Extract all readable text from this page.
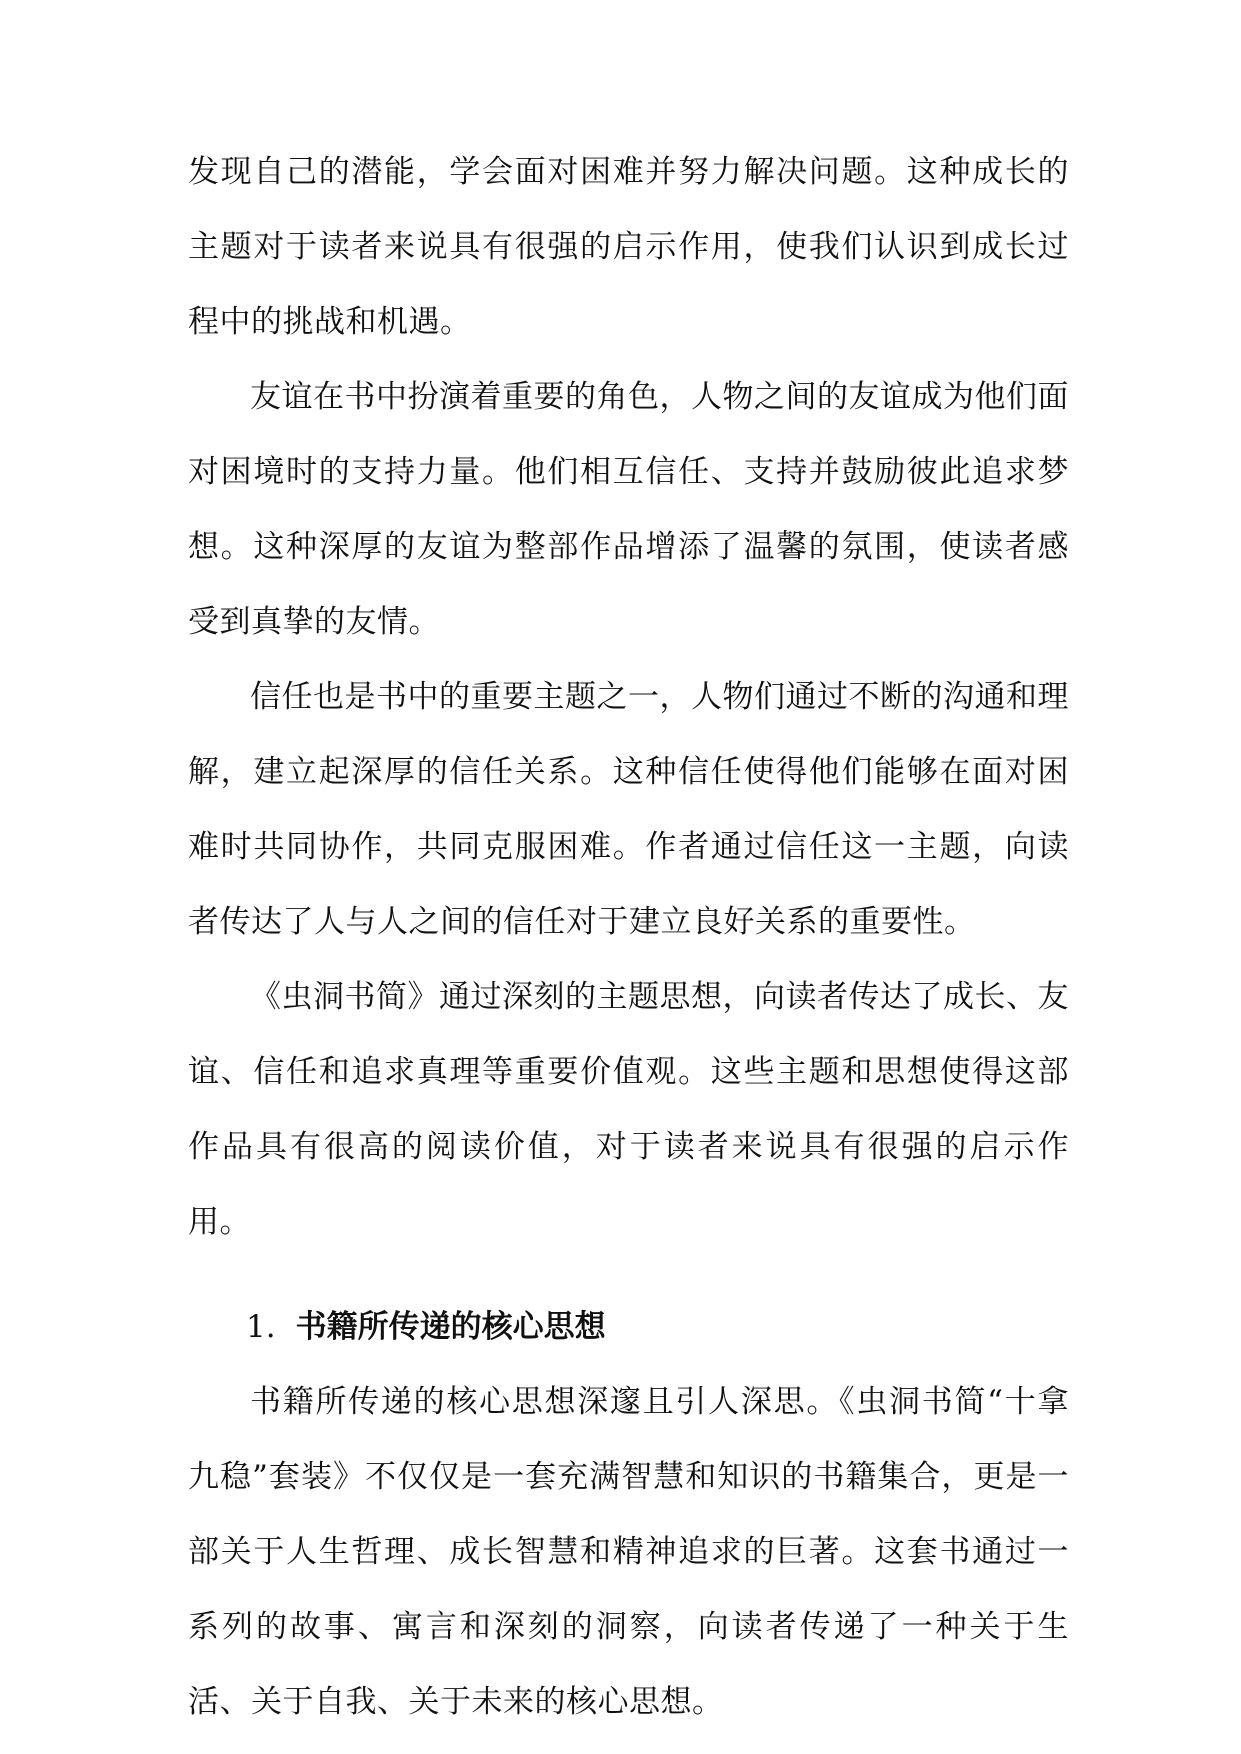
发现自己的潜能，学会面对困难并努力解决问题。这种成长的主题对于读者来说具有很强的启示作用，使我们认识到成长过程中的挑战和机遇。

友谊在书中扮演着重要的角色，人物之间的友谊成为他们面对困境时的支持力量。他们相互信任、支持并鼓励彼此追求梦想。这种深厚的友谊为整部作品增添了温馨的氛围，使读者感受到真挚的友情。

信任也是书中的重要主题之一，人物们通过不断的沟通和理解，建立起深厚的信任关系。这种信任使得他们能够在面对困难时共同协作，共同克服困难。作者通过信任这一主题，向读者传达了人与人之间的信任对于建立良好关系的重要性。

《虫洞书简》通过深刻的主题思想，向读者传达了成长、友谊、信任和追求真理等重要价值观。这些主题和思想使得这部作品具有很高的阅读价值，对于读者来说具有很强的启示作用。

1. 书籍所传递的核心思想

书籍所传递的核心思想深邃且引人深思。《虫洞书简“十拿九稳”套装》不仅仅是一套充满智慧和知识的书籍集合，更是一部关于人生哲理、成长智慧和精神追求的巨著。这套书通过一系列的故事、寓言和深刻的洞察，向读者传递了一种关于生活、关于自我、关于未来的核心思想。
